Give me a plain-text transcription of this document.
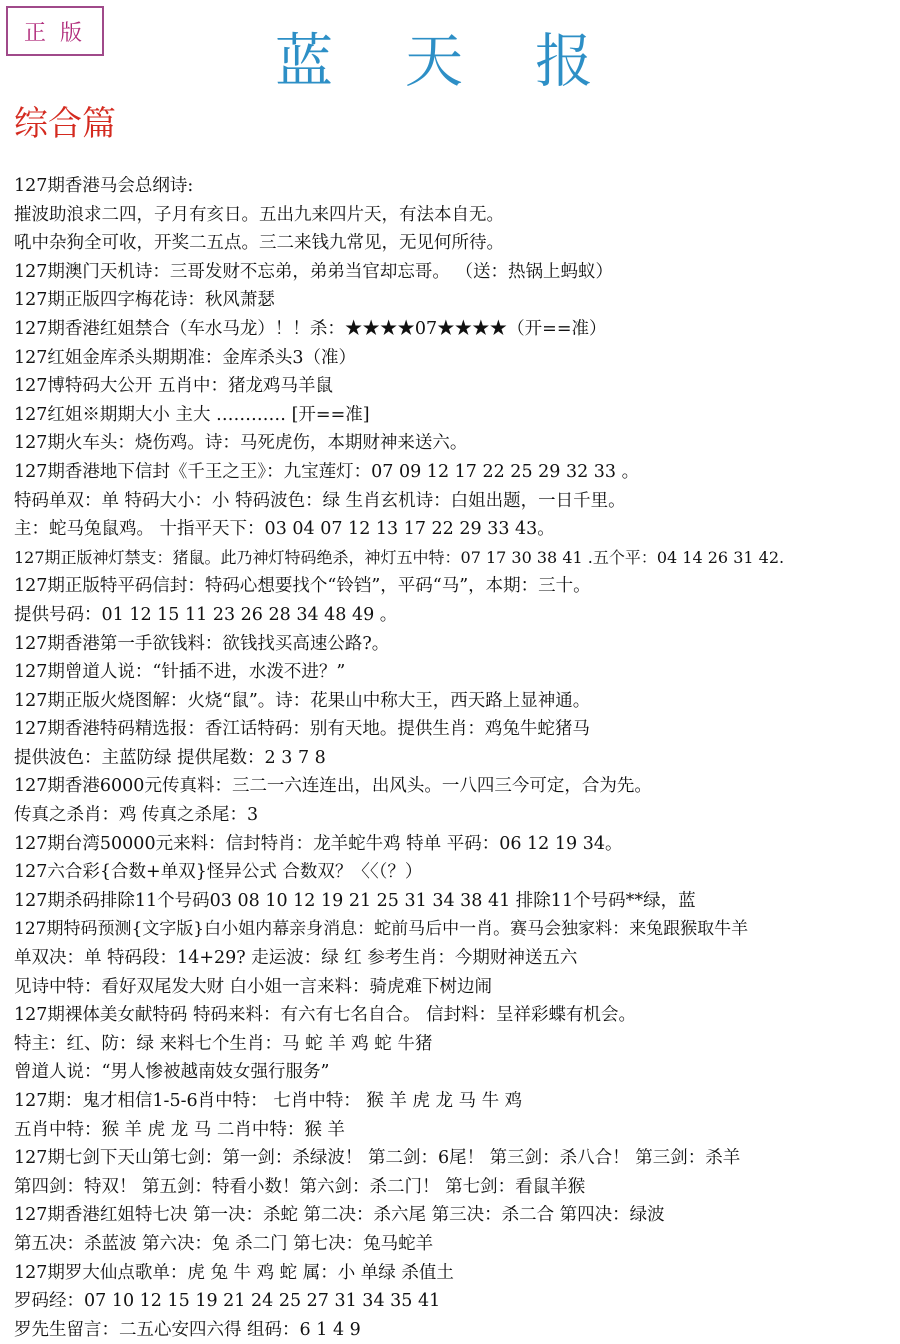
正版	蓝天报
综合篇
127期香港马会总纲诗:
摧波助浪求二四，子月有亥日。五出九来四片天，有法本自无。
吼中杂狗全可收，开奖二五点。三二来钱九常见，无见何所待。
127期澳门天机诗：三哥发财不忘弟，弟弟当官却忘哥。 （送：热锅上蚂蚁）
127期正版四字梅花诗：秋风萧瑟
127期香港红姐禁合（车水马龙）！！杀：★★★★07★★★★（开==准）
127红姐金库杀头期期准：金库杀头3（准）
127博特码大公开 五肖中：猪龙鸡马羊鼠
127红姐※期期大小 主大 ………… [开==准]
127期火车头：烧伤鸡。诗：马死虎伤，本期财神来送六。
127期香港地下信封《千王之王》：九宝莲灯：07 09 12 17 22 25 29 32 33 。
特码单双：单 特码大小：小 特码波色：绿 生肖玄机诗：白姐出题，一日千里。
主：蛇马兔鼠鸡。 十指平天下：03 04 07 12 13 17 22 29 33 43。
127期正版神灯禁支：猪鼠。此乃神灯特码绝杀，神灯五中特：07 17 30 38 41 .五个平：04 14 26 31 42.
127期正版特平码信封：特码心想要找个“铃铛”，平码“马”，本期：三十。
提供号码：01 12 15 11 23 26 28 34 48 49 。
127期香港第一手欲钱料：欲钱找买高速公路?。
127期曾道人说：“针插不进，水泼不进？”
127期正版火烧图解：火烧“鼠”。诗：花果山中称大王，西天路上显神通。
127期香港特码精选报：香江话特码：别有天地。提供生肖：鸡兔牛蛇猪马
提供波色：主蓝防绿 提供尾数：2 3 7 8
127期香港6000元传真料：三二一六连连出，出风头。一八四三今可定，合为先。
传真之杀肖：鸡 传真之杀尾：3
127期台湾50000元来料：信封特肖：龙羊蛇牛鸡 特单 平码：06 12 19 34。
127六合彩{合数+单双}怪异公式 合数双？〈〈（？）
127期杀码排除11个号码03 08 10 12 19 21 25 31 34 38 41 排除11个号码**绿，蓝
127期特码预测{文字版}白小姐内幕亲身消息：蛇前马后中一肖。赛马会独家料：来兔跟猴取牛羊
单双决：单 特码段：14+29? 走运波：绿 红 参考生肖：今期财神送五六
见诗中特：看好双尾发大财 白小姐一言来料：骑虎难下树边闹
127期裸体美女献特码 特码来料：有六有七名自合。 信封料：呈祥彩蝶有机会。
特主：红、防：绿 来料七个生肖：马 蛇 羊 鸡 蛇 牛猪
曾道人说：“男人惨被越南妓女强行服务”
127期：鬼才相信1-5-6肖中特： 七肖中特： 猴 羊 虎 龙 马 牛 鸡
五肖中特：猴 羊 虎 龙 马 二肖中特：猴 羊
127期七剑下天山第七剑：第一剑：杀绿波！ 第二剑：6尾！ 第三剑：杀八合！ 第三剑：杀羊
第四剑：特双！ 第五剑：特看小数！第六剑：杀二门！ 第七剑：看鼠羊猴
127期香港红姐特七决 第一决：杀蛇 第二决：杀六尾 第三决：杀二合 第四决：绿波
第五决：杀蓝波 第六决：兔 杀二门 第七决：兔马蛇羊
127期罗大仙点歌单：虎 兔 牛 鸡 蛇 属：小 单绿 杀值土
罗码经：07 10 12 15 19 21 24 25 27 31 34 35 41
罗先生留言：二五心安四六得 组码：6 1 4 9
